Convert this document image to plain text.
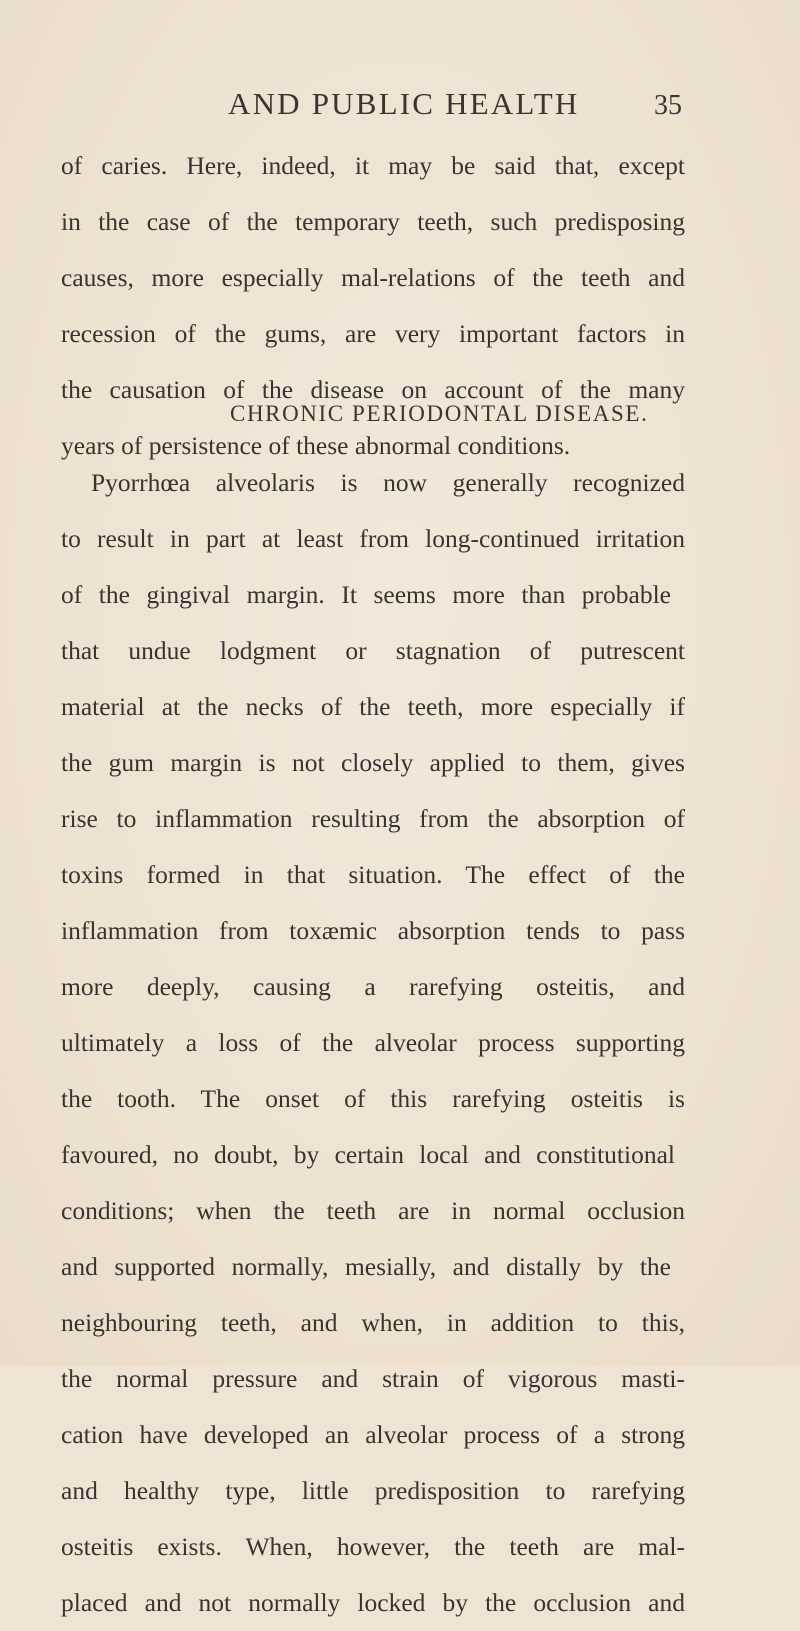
AND PUBLIC HEALTH	35
of caries. Here, indeed, it may be said that, except
in the case of the temporary teeth, such predisposing
causes, more especially mal-relations of the teeth and
recession of the gums, are very important factors in
the causation of the disease on account of the many
years of persistence of these abnormal conditions.
CHRONIC PERIODONTAL DISEASE.
Pyorrhœa alveolaris is now generally recognized
to result in part at least from long-continued irritation
of the gingival margin. It seems more than probable
that undue lodgment or stagnation of putrescent
material at the necks of the teeth, more especially if
the gum margin is not closely applied to them, gives
rise to inflammation resulting from the absorption of
toxins formed in that situation. The effect of the
inflammation from toxæmic absorption tends to pass
more deeply, causing a rarefying osteitis, and
ultimately a loss of the alveolar process supporting
the tooth. The onset of this rarefying osteitis is
favoured, no doubt, by certain local and constitutional
conditions; when the teeth are in normal occlusion
and supported normally, mesially, and distally by the
neighbouring teeth, and when, in addition to this,
the normal pressure and strain of vigorous masti-
cation have developed an alveolar process of a strong
and healthy type, little predisposition to rarefying
osteitis exists. When, however, the teeth are mal-
placed and not normally locked by the occlusion and
